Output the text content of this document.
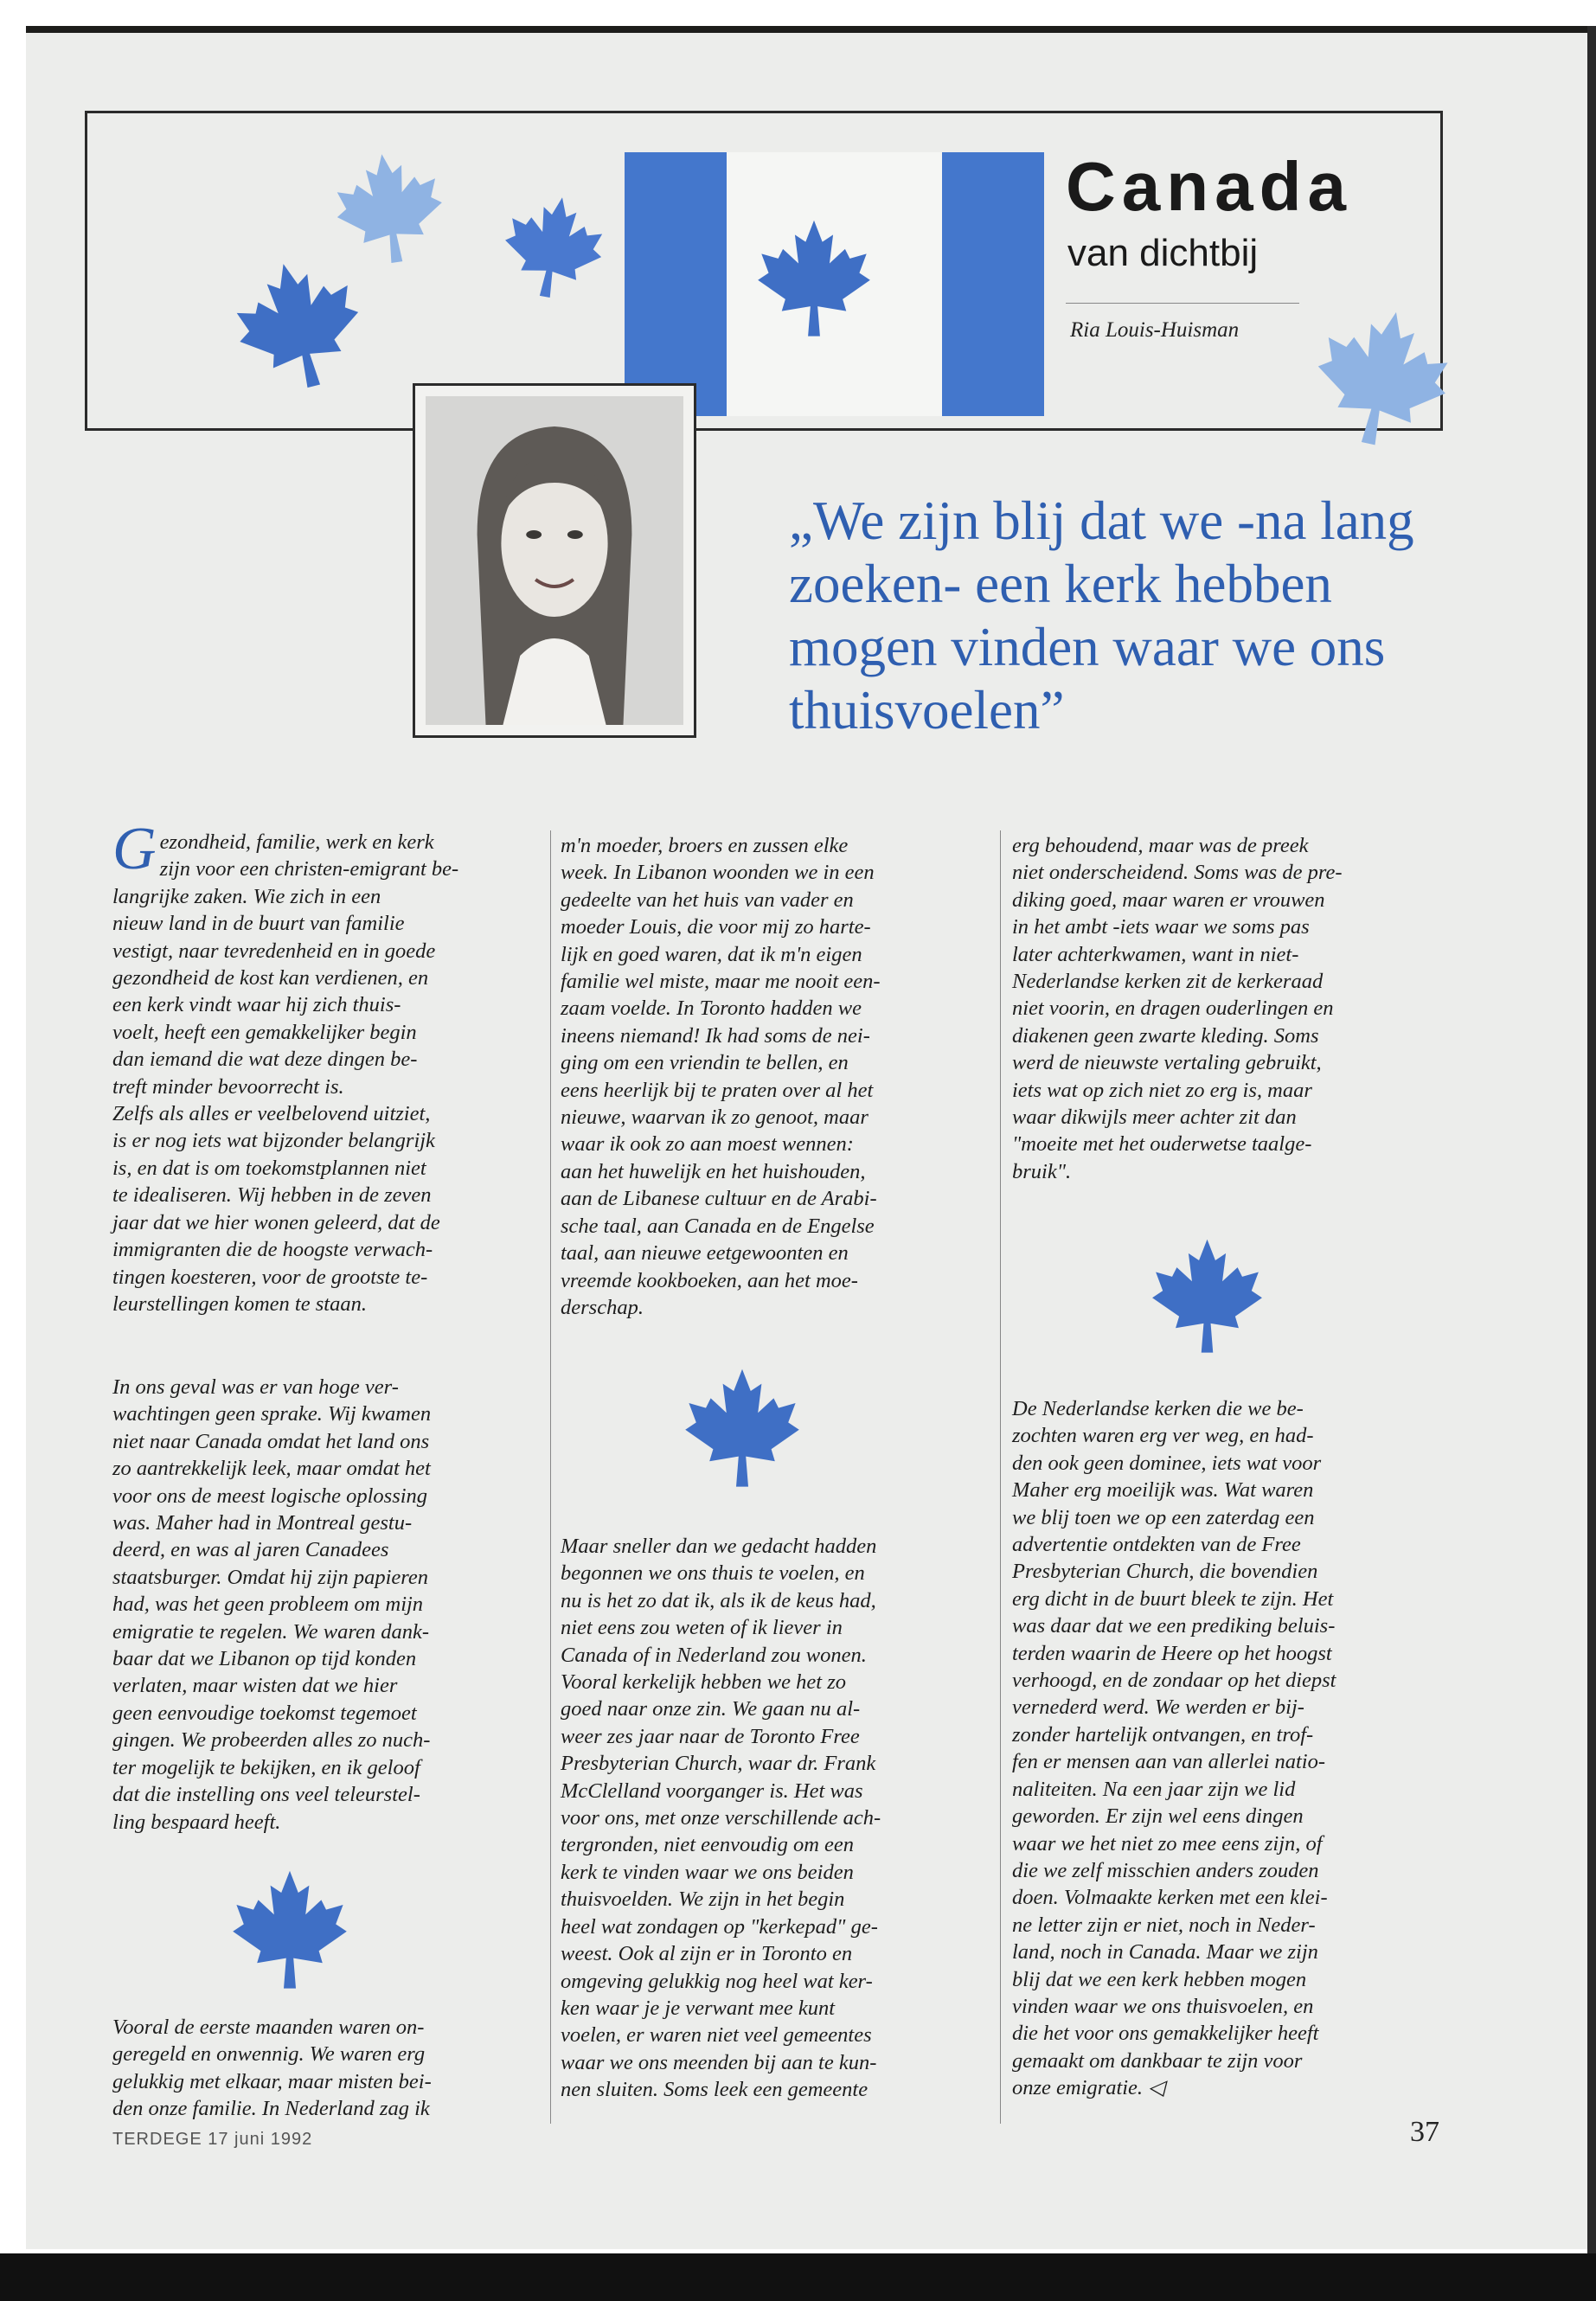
Canada
van dichtbij
Ria Louis-Huisman
„We zijn blij dat we -na lang zoeken- een kerk hebben mogen vinden waar we ons thuisvoelen”

Gezondheid, familie, werk en kerk
zijn voor een christen-emigrant be-
langrijke zaken. Wie zich in een
nieuw land in de buurt van familie
vestigt, naar tevredenheid en in goede
gezondheid de kost kan verdienen, en
een kerk vindt waar hij zich thuis-
voelt, heeft een gemakkelijker begin
dan iemand die wat deze dingen be-
treft minder bevoorrecht is.
Zelfs als alles er veelbelovend uitziet,
is er nog iets wat bijzonder belangrijk
is, en dat is om toekomstplannen niet
te idealiseren. Wij hebben in de zeven
jaar dat we hier wonen geleerd, dat de
immigranten die de hoogste verwach-
tingen koesteren, voor de grootste te-
leurstellingen komen te staan.

In ons geval was er van hoge ver-
wachtingen geen sprake. Wij kwamen
niet naar Canada omdat het land ons
zo aantrekkelijk leek, maar omdat het
voor ons de meest logische oplossing
was. Maher had in Montreal gestu-
deerd, en was al jaren Canadees
staatsburger. Omdat hij zijn papieren
had, was het geen probleem om mijn
emigratie te regelen. We waren dank-
baar dat we Libanon op tijd konden
verlaten, maar wisten dat we hier
geen eenvoudige toekomst tegemoet
gingen. We probeerden alles zo nuch-
ter mogelijk te bekijken, en ik geloof
dat die instelling ons veel teleurstel-
ling bespaard heeft.

Vooral de eerste maanden waren on-
geregeld en onwennig. We waren erg
gelukkig met elkaar, maar misten bei-
den onze familie. In Nederland zag ik

m'n moeder, broers en zussen elke
week. In Libanon woonden we in een
gedeelte van het huis van vader en
moeder Louis, die voor mij zo harte-
lijk en goed waren, dat ik m'n eigen
familie wel miste, maar me nooit een-
zaam voelde. In Toronto hadden we
ineens niemand! Ik had soms de nei-
ging om een vriendin te bellen, en
eens heerlijk bij te praten over al het
nieuwe, waarvan ik zo genoot, maar
waar ik ook zo aan moest wennen:
aan het huwelijk en het huishouden,
aan de Libanese cultuur en de Arabi-
sche taal, aan Canada en de Engelse
taal, aan nieuwe eetgewoonten en
vreemde kookboeken, aan het moe-
derschap.

Maar sneller dan we gedacht hadden
begonnen we ons thuis te voelen, en
nu is het zo dat ik, als ik de keus had,
niet eens zou weten of ik liever in
Canada of in Nederland zou wonen.
Vooral kerkelijk hebben we het zo
goed naar onze zin. We gaan nu al-
weer zes jaar naar de Toronto Free
Presbyterian Church, waar dr. Frank
McClelland voorganger is. Het was
voor ons, met onze verschillende ach-
tergronden, niet eenvoudig om een
kerk te vinden waar we ons beiden
thuisvoelden. We zijn in het begin
heel wat zondagen op "kerkepad" ge-
weest. Ook al zijn er in Toronto en
omgeving gelukkig nog heel wat ker-
ken waar je je verwant mee kunt
voelen, er waren niet veel gemeentes
waar we ons meenden bij aan te kun-
nen sluiten. Soms leek een gemeente

erg behoudend, maar was de preek
niet onderscheidend. Soms was de pre-
diking goed, maar waren er vrouwen
in het ambt -iets waar we soms pas
later achterkwamen, want in niet-
Nederlandse kerken zit de kerkeraad
niet voorin, en dragen ouderlingen en
diakenen geen zwarte kleding. Soms
werd de nieuwste vertaling gebruikt,
iets wat op zich niet zo erg is, maar
waar dikwijls meer achter zit dan
"moeite met het ouderwetse taalge-
bruik".

De Nederlandse kerken die we be-
zochten waren erg ver weg, en had-
den ook geen dominee, iets wat voor
Maher erg moeilijk was. Wat waren
we blij toen we op een zaterdag een
advertentie ontdekten van de Free
Presbyterian Church, die bovendien
erg dicht in de buurt bleek te zijn. Het
was daar dat we een prediking beluis-
terden waarin de Heere op het hoogst
verhoogd, en de zondaar op het diepst
vernederd werd. We werden er bij-
zonder hartelijk ontvangen, en trof-
fen er mensen aan van allerlei natio-
naliteiten. Na een jaar zijn we lid
geworden. Er zijn wel eens dingen
waar we het niet zo mee eens zijn, of
die we zelf misschien anders zouden
doen. Volmaakte kerken met een klei-
ne letter zijn er niet, noch in Neder-
land, noch in Canada. Maar we zijn
blij dat we een kerk hebben mogen
vinden waar we ons thuisvoelen, en
die het voor ons gemakkelijker heeft
gemaakt om dankbaar te zijn voor
onze emigratie. ◁

TERDEGE 17 juni 1992	37
